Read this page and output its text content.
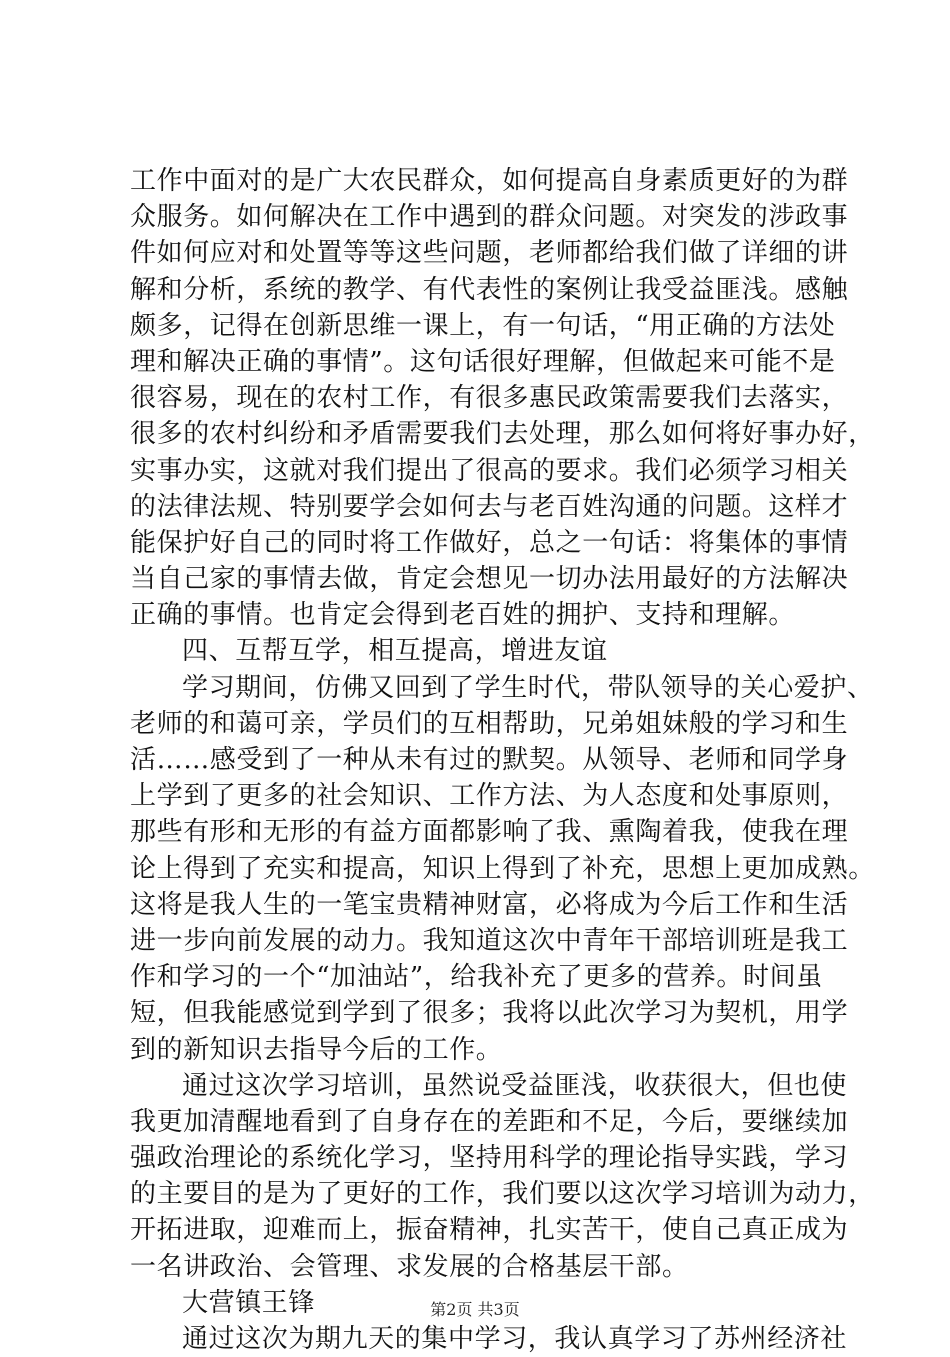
工作中面对的是广大农民群众，如何提高自身素质更好的为群
众服务。如何解决在工作中遇到的群众问题。对突发的涉政事
件如何应对和处置等等这些问题，老师都给我们做了详细的讲
解和分析，系统的教学、有代表性的案例让我受益匪浅。感触
颇多，记得在创新思维一课上，有一句话，“用正确的方法处
理和解决正确的事情”。这句话很好理解，但做起来可能不是
很容易，现在的农村工作，有很多惠民政策需要我们去落实，
很多的农村纠纷和矛盾需要我们去处理，那么如何将好事办好，
实事办实，这就对我们提出了很高的要求。我们必须学习相关
的法律法规、特别要学会如何去与老百姓沟通的问题。这样才
能保护好自己的同时将工作做好，总之一句话：将集体的事情
当自己家的事情去做，肯定会想见一切办法用最好的方法解决
正确的事情。也肯定会得到老百姓的拥护、支持和理解。
四、互帮互学，相互提高，增进友谊
学习期间，仿佛又回到了学生时代，带队领导的关心爱护、
老师的和蔼可亲，学员们的互相帮助，兄弟姐妹般的学习和生
活……感受到了一种从未有过的默契。从领导、老师和同学身
上学到了更多的社会知识、工作方法、为人态度和处事原则，
那些有形和无形的有益方面都影响了我、熏陶着我，使我在理
论上得到了充实和提高，知识上得到了补充，思想上更加成熟。
这将是我人生的一笔宝贵精神财富，必将成为今后工作和生活
进一步向前发展的动力。我知道这次中青年干部培训班是我工
作和学习的一个“加油站”，给我补充了更多的营养。时间虽
短，但我能感觉到学到了很多；我将以此次学习为契机，用学
到的新知识去指导今后的工作。
通过这次学习培训，虽然说受益匪浅，收获很大，但也使
我更加清醒地看到了自身存在的差距和不足，今后，要继续加
强政治理论的系统化学习，坚持用科学的理论指导实践，学习
的主要目的是为了更好的工作，我们要以这次学习培训为动力，
开拓进取，迎难而上，振奋精神，扎实苦干，使自己真正成为
一名讲政治、会管理、求发展的合格基层干部。
大营镇王锋
通过这次为期九天的集中学习，我认真学习了苏州经济社
第2页 共3页
